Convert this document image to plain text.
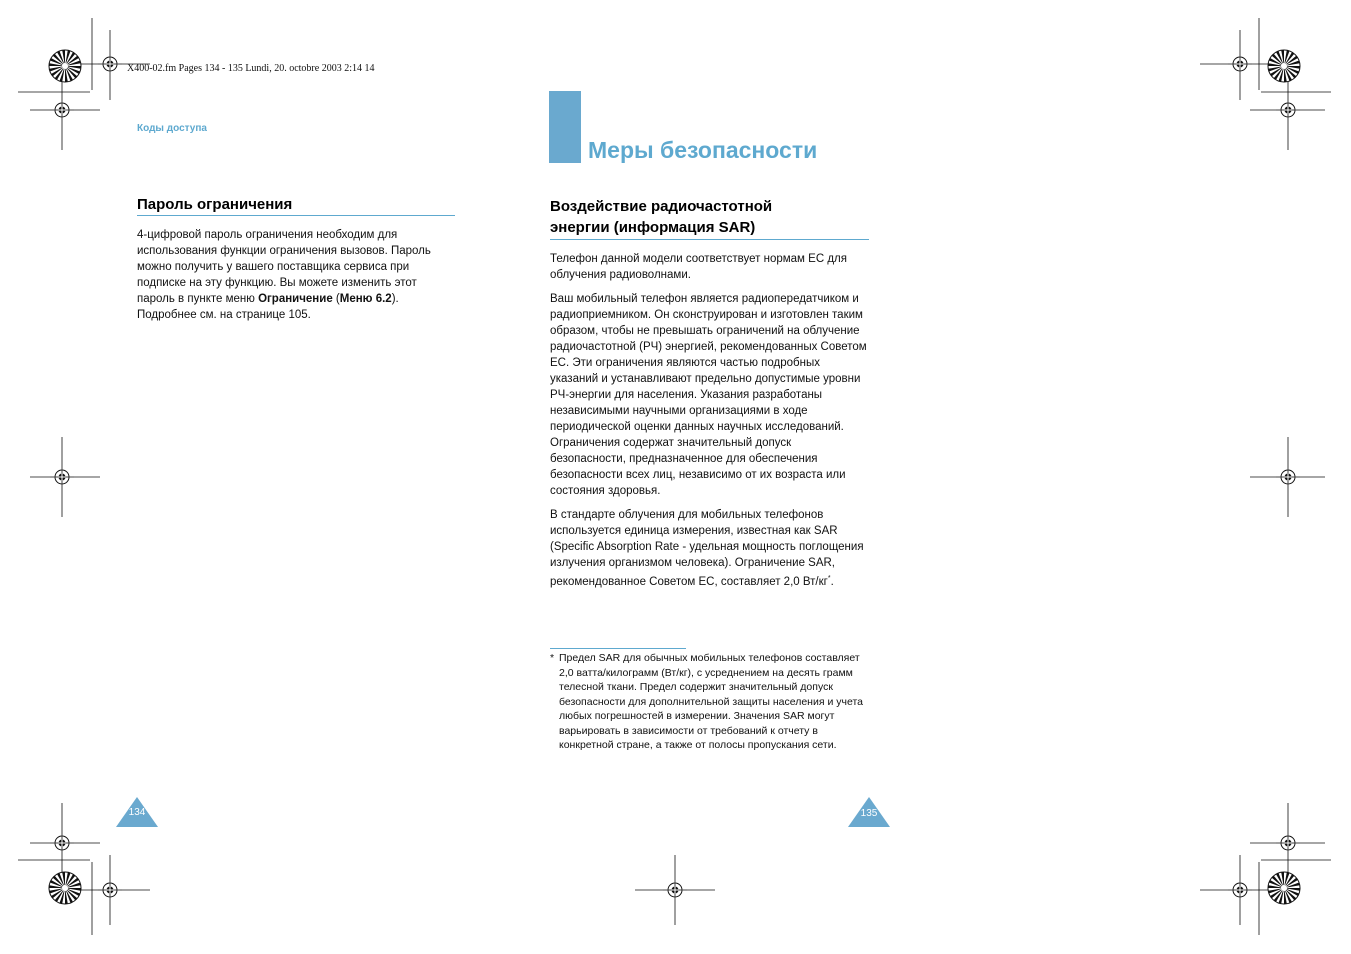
X400-02.fm Pages 134 - 135 Lundi, 20. octobre 2003 2:14 14
Коды доступа
Пароль ограничения

4-цифровой пароль ограничения необходим для использования функции ограничения вызовов. Пароль можно получить у вашего поставщика сервиса при подписке на эту функцию. Вы можете изменить этот пароль в пункте меню Ограничение (Меню 6.2). Подробнее см. на странице 105.

134
Меры безопасности
Воздействие радиочастотной
энергии (информация SAR)

Телефон данной модели соответствует нормам ЕС для облучения радиоволнами.

Ваш мобильный телефон является радиопередатчиком и радиоприемником. Он сконструирован и изготовлен таким образом, чтобы не превышать ограничений на облучение радиочастотной (РЧ) энергией, рекомендованных Советом ЕС. Эти ограничения являются частью подробных указаний и устанавливают предельно допустимые уровни РЧ-энергии для населения. Указания разработаны независимыми научными организациями в ходе периодической оценки данных научных исследований. Ограничения содержат значительный допуск безопасности, предназначенное для обеспечения безопасности всех лиц, независимо от их возраста или состояния здоровья.

В стандарте облучения для мобильных телефонов используется единица измерения, известная как SAR (Specific Absorption Rate - удельная мощность поглощения излучения организмом человека). Ограничение SAR, рекомендованное Советом ЕС, составляет 2,0 Вт/кг*.

* Предел SAR для обычных мобильных телефонов составляет 2,0 ватта/килограмм (Вт/кг), с усреднением на десять грамм телесной ткани. Предел содержит значительный допуск безопасности для дополнительной защиты населения и учета любых погрешностей в измерении. Значения SAR могут варьировать в зависимости от требований к отчету в конкретной стране, а также от полосы пропускания сети.
135
